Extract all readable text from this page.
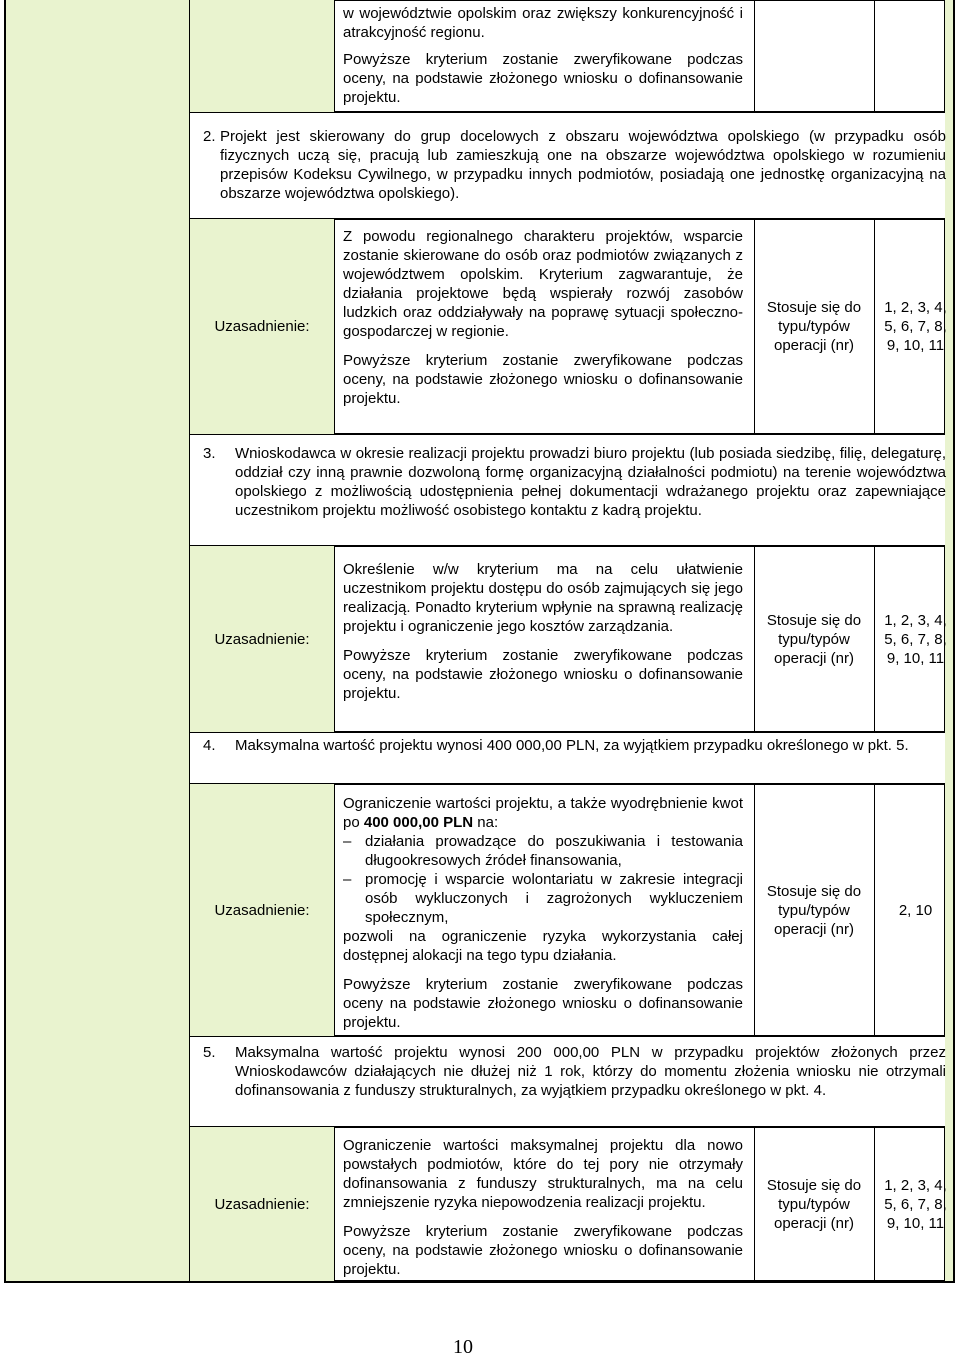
w województwie opolskim oraz zwiększy konkurencyjność i atrakcyjność regionu.

Powyższe kryterium zostanie zweryfikowane podczas oceny, na podstawie złożonego wniosku o dofinansowanie projektu.

2. Projekt jest skierowany do grup docelowych z obszaru województwa opolskiego (w przypadku osób fizycznych uczą się, pracują lub zamieszkują one na obszarze województwa opolskiego w rozumieniu przepisów Kodeksu Cywilnego, w przypadku innych podmiotów, posiadają one jednostkę organizacyjną na obszarze województwa opolskiego).
Uzasadnienie:

Z powodu regionalnego charakteru projektów, wsparcie zostanie skierowane do osób oraz podmiotów związanych z województwem opolskim. Kryterium zagwarantuje, że działania projektowe będą wspierały rozwój zasobów ludzkich oraz oddziaływały na poprawę sytuacji społeczno-gospodarczej w regionie.

Powyższe kryterium zostanie zweryfikowane podczas oceny, na podstawie złożonego wniosku o dofinansowanie projektu.

Stosuje się do typu/typów operacji (nr)
1, 2, 3, 4, 5, 6, 7, 8, 9, 10, 11
3. Wnioskodawca w okresie realizacji projektu prowadzi biuro projektu (lub posiada siedzibę, filię, delegaturę, oddział czy inną prawnie dozwoloną formę organizacyjną działalności podmiotu) na terenie województwa opolskiego z możliwością udostępnienia pełnej dokumentacji wdrażanego projektu oraz zapewniające uczestnikom projektu możliwość osobistego kontaktu z kadrą projektu.
Uzasadnienie:

Określenie w/w kryterium ma na celu ułatwienie uczestnikom projektu dostępu do osób zajmujących się jego realizacją. Ponadto kryterium wpłynie na sprawną realizację projektu i ograniczenie jego kosztów zarządzania.

Powyższe kryterium zostanie zweryfikowane podczas oceny, na podstawie złożonego wniosku o dofinansowanie projektu.

Stosuje się do typu/typów operacji (nr)
1, 2, 3, 4, 5, 6, 7, 8, 9, 10, 11
4. Maksymalna wartość projektu wynosi 400 000,00 PLN, za wyjątkiem przypadku określonego w pkt. 5.
Uzasadnienie:

Ograniczenie wartości projektu, a także wyodrębnienie kwot po 400 000,00 PLN na:

– działania prowadzące do poszukiwania i testowania długookresowych źródeł finansowania,
– promocję i wsparcie wolontariatu w zakresie integracji osób wykluczonych i zagrożonych wykluczeniem społecznym,

pozwoli na ograniczenie ryzyka wykorzystania całej dostępnej alokacji na tego typu działania.

Powyższe kryterium zostanie zweryfikowane podczas oceny na podstawie złożonego wniosku o dofinansowanie projektu.

Stosuje się do typu/typów operacji (nr)
2, 10
5. Maksymalna wartość projektu wynosi 200 000,00 PLN w przypadku projektów złożonych przez Wnioskodawców działających nie dłużej niż 1 rok, którzy do momentu złożenia wniosku nie otrzymali dofinansowania z funduszy strukturalnych, za wyjątkiem przypadku określonego w pkt. 4.
Uzasadnienie:

Ograniczenie wartości maksymalnej projektu dla nowo powstałych podmiotów, które do tej pory nie otrzymały dofinansowania z funduszy strukturalnych, ma na celu zmniejszenie ryzyka niepowodzenia realizacji projektu.

Powyższe kryterium zostanie zweryfikowane podczas oceny, na podstawie złożonego wniosku o dofinansowanie projektu.

Stosuje się do typu/typów operacji (nr)
1, 2, 3, 4, 5, 6, 7, 8, 9, 10, 11
10
